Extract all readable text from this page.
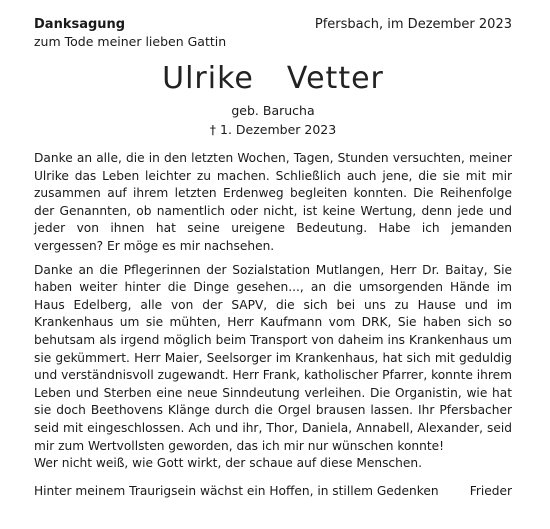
Danksagung
zum Tode meiner lieben Gattin
Pfersbach, im Dezember 2023
Ulrike  Vetter
geb. Barucha
† 1. Dezember 2023

Danke an alle, die in den letzten Wochen, Tagen, Stunden versuchten, meiner Ulrike das Leben leichter zu machen. Schließlich auch jene, die sie mit mir zusammen auf ihrem letzten Erdenweg begleiten konnten. Die Reihenfolge der Genannten, ob namentlich oder nicht, ist keine Wertung, denn jede und jeder von ihnen hat seine ureigene Bedeutung. Habe ich jemanden vergessen? Er möge es mir nachsehen.

Danke an die Pflegerinnen der Sozialstation Mutlangen, Herr Dr. Baitay, Sie haben weiter hinter die Dinge gesehen..., an die umsorgenden Hände im Haus Edelberg, alle von der SAPV, die sich bei uns zu Hause und im Krankenhaus um sie mühten, Herr Kaufmann vom DRK, Sie haben sich so behutsam als irgend möglich beim Transport von daheim ins Krankenhaus um sie gekümmert. Herr Maier, Seelsorger im Krankenhaus, hat sich mit geduldig und verständnisvoll zugewandt. Herr Frank, katholischer Pfarrer, konnte ihrem Leben und Sterben eine neue Sinndeutung verleihen. Die Organistin, wie hat sie doch Beethovens Klänge durch die Orgel brausen lassen. Ihr Pfersbacher seid mit eingeschlossen. Ach und ihr, Thor, Daniela, Annabell, Alexander, seid mir zum Wertvollsten geworden, das ich mir nur wünschen konnte!

Wer nicht weiß, wie Gott wirkt, der schaue auf diese Menschen.

Hinter meinem Traurigsein wächst ein Hoffen, in stillem Gedenken	Frieder
